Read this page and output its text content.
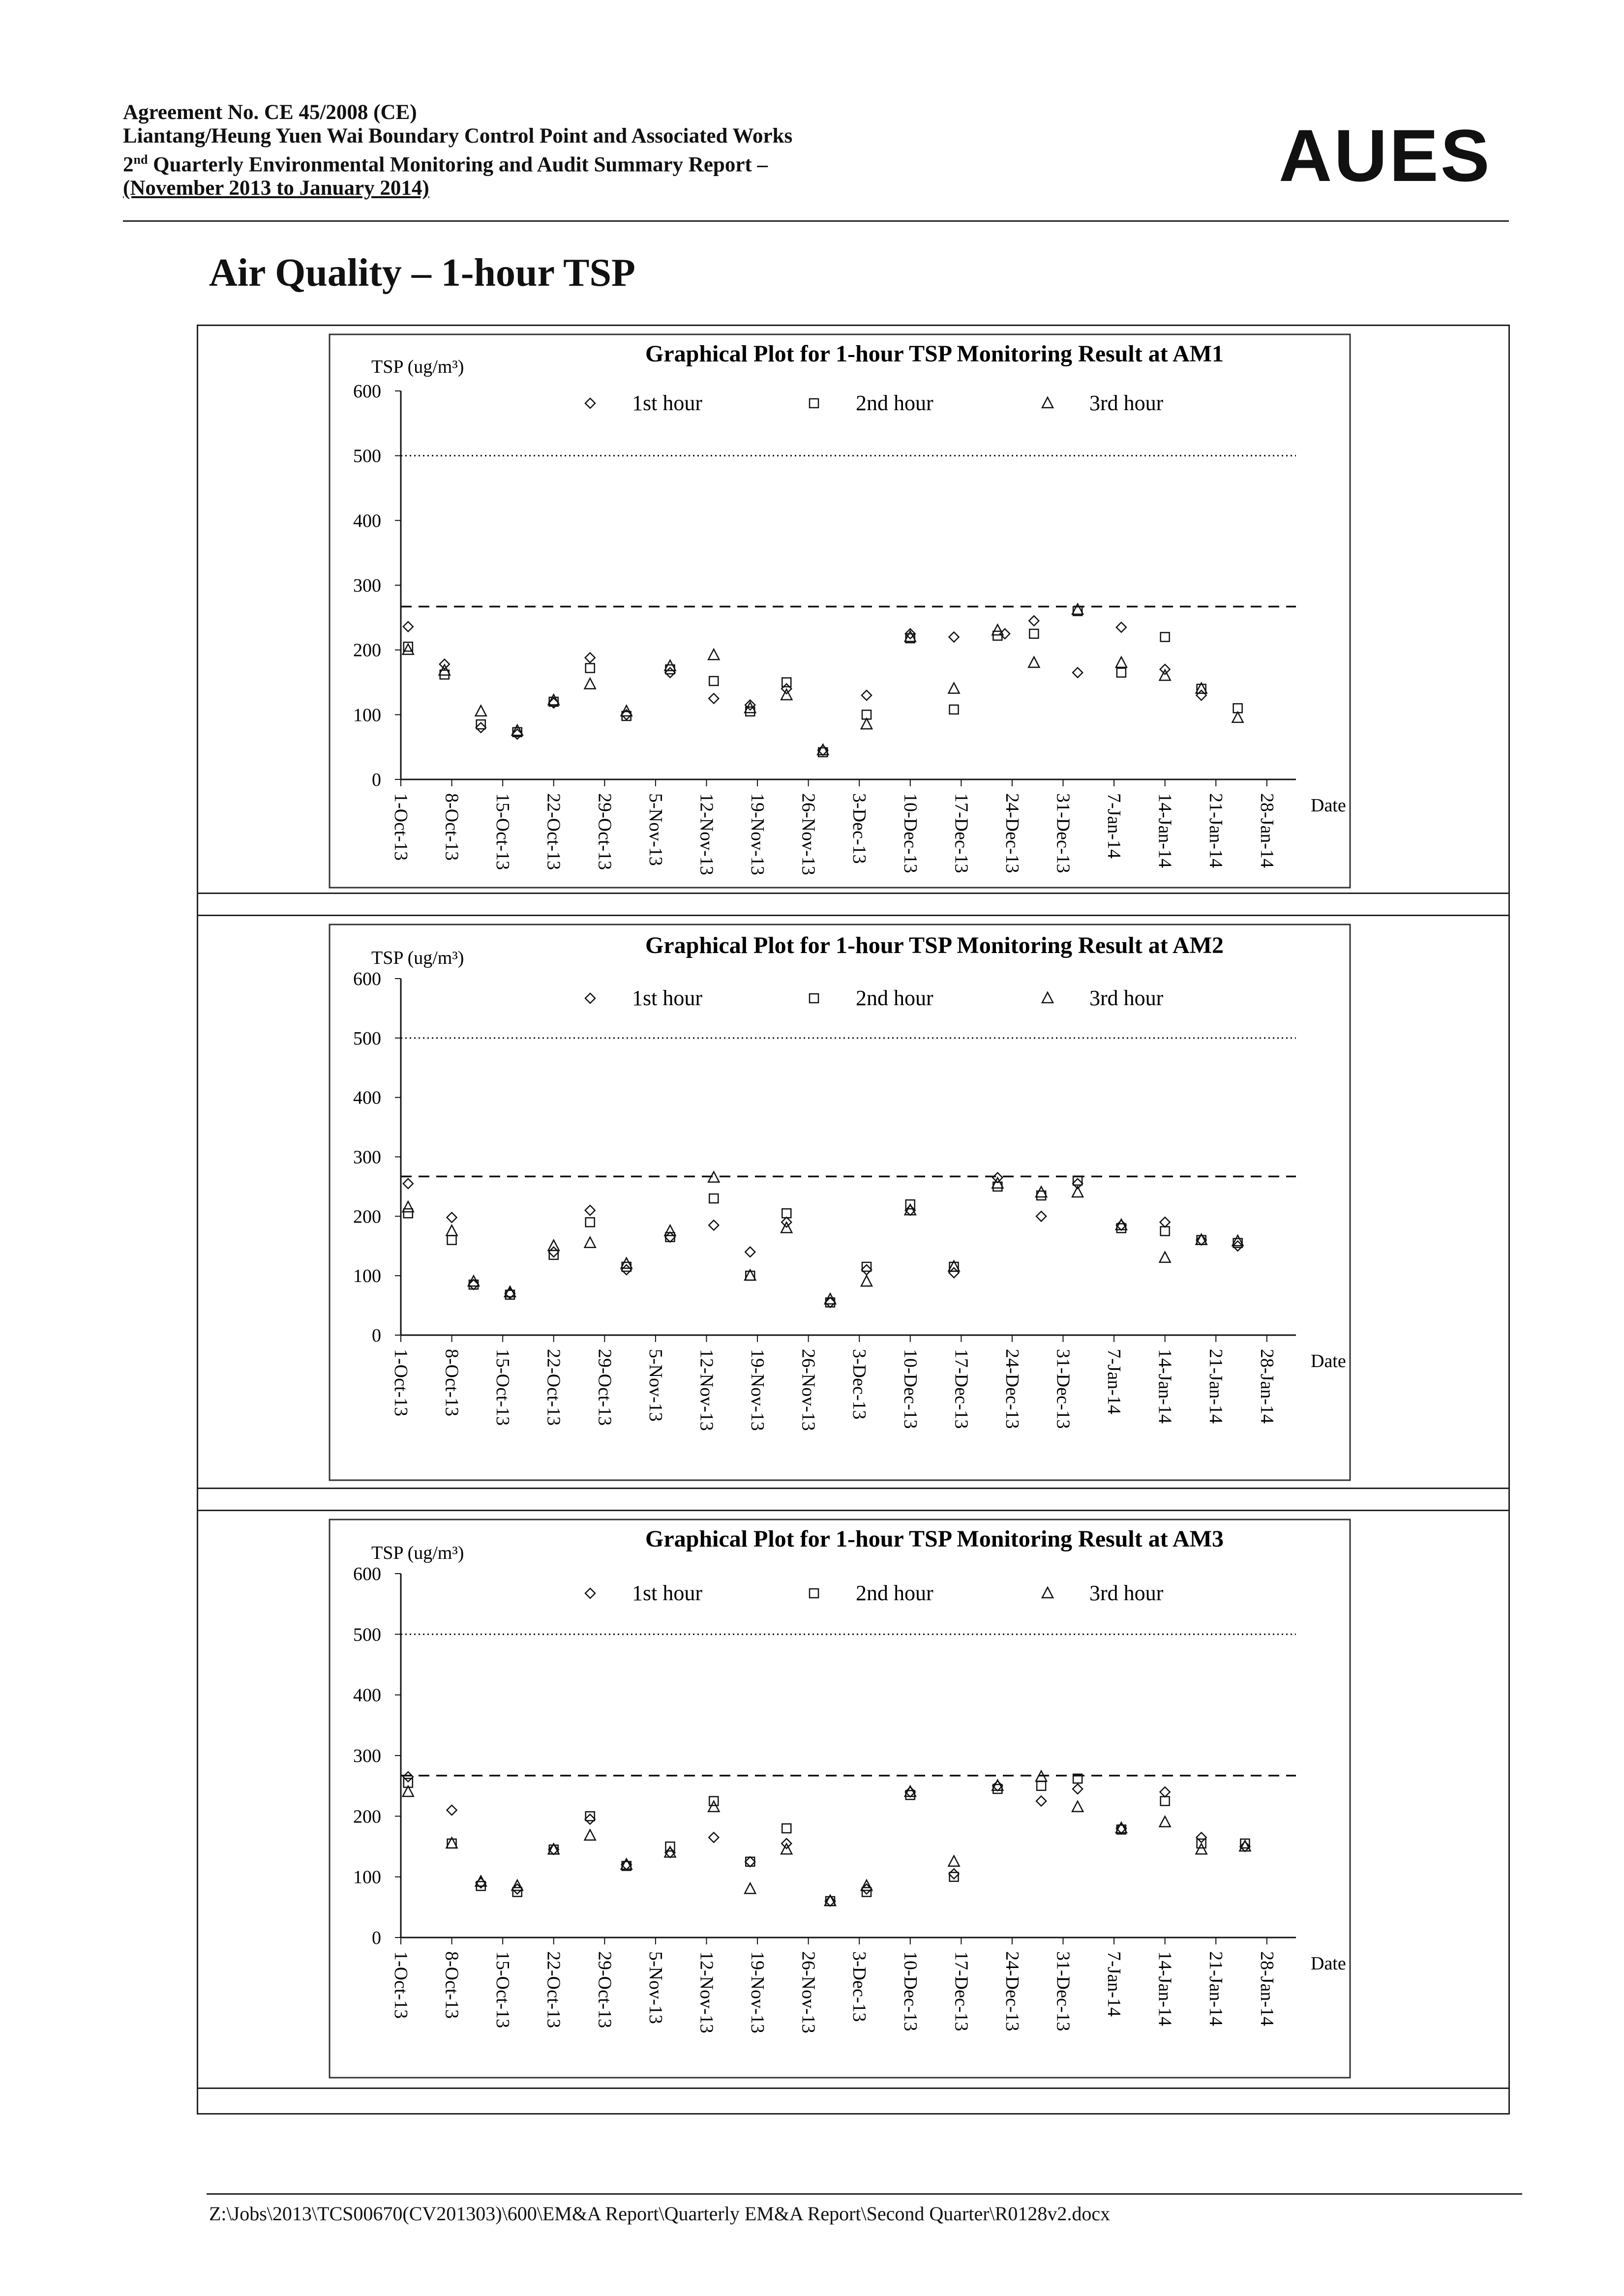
Agreement No. CE 45/2008 (CE)
Liantang/Heung Yuen Wai Boundary Control Point and Associated Works
2nd Quarterly Environmental Monitoring and Audit Summary Report –
(November 2013 to January 2014)	AUES
Air Quality – 1-hour TSP
Graphical Plot for 1-hour TSP Monitoring Result at AM1
TSP (ug/m³)
0
100
200
300
400
500
600
1-Oct-13 8-Oct-13 15-Oct-13 22-Oct-13 29-Oct-13 5-Nov-13 12-Nov-13 19-Nov-13 26-Nov-13 3-Dec-13 10-Dec-13 17-Dec-13 24-Dec-13 31-Dec-13 7-Jan-14 14-Jan-14 21-Jan-14 28-Jan-14 Date
1st hour	2nd hour	3rd hour
Graphical Plot for 1-hour TSP Monitoring Result at AM2
TSP (ug/m³)
0
100
200
300
400
500
600
1-Oct-13 8-Oct-13 15-Oct-13 22-Oct-13 29-Oct-13 5-Nov-13 12-Nov-13 19-Nov-13 26-Nov-13 3-Dec-13 10-Dec-13 17-Dec-13 24-Dec-13 31-Dec-13 7-Jan-14 14-Jan-14 21-Jan-14 28-Jan-14 Date
1st hour	2nd hour	3rd hour
Graphical Plot for 1-hour TSP Monitoring Result at AM3
TSP (ug/m³)
0
100
200
300
400
500
600
1-Oct-13 8-Oct-13 15-Oct-13 22-Oct-13 29-Oct-13 5-Nov-13 12-Nov-13 19-Nov-13 26-Nov-13 3-Dec-13 10-Dec-13 17-Dec-13 24-Dec-13 31-Dec-13 7-Jan-14 14-Jan-14 21-Jan-14 28-Jan-14 Date
1st hour	2nd hour	3rd hour
Z:\Jobs\2013\TCS00670(CV201303)\600\EM&A Report\Quarterly EM&A Report\Second Quarter\R0128v2.docx
